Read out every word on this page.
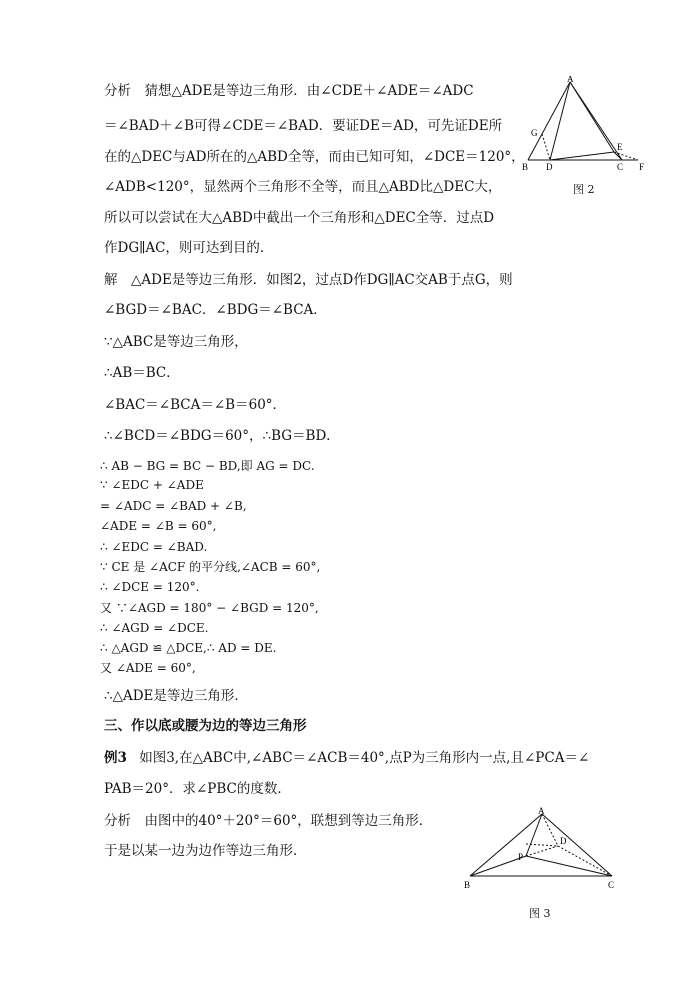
分析　猜想△ADE是等边三角形．由∠CDE＋∠ADE＝∠ADC
＝∠BAD＋∠B可得∠CDE＝∠BAD．要证DE＝AD，可先证DE所
在的△DEC与AD所在的△ABD全等，而由已知可知，∠DCE＝120°，
∠ADB<120°，显然两个三角形不全等，而且△ABD比△DEC大，
所以可以尝试在大△ABD中截出一个三角形和△DEC全等．过点D
作DG∥AC，则可达到目的．
A
B D	C F
E
G
图 2
解　△ADE是等边三角形．如图2，过点D作DG∥AC交AB于点G，则
∠BGD＝∠BAC．∠BDG＝∠BCA．
∵△ABC是等边三角形，
∴AB＝BC．
∠BAC＝∠BCA＝∠B＝60°．
∴∠BCD＝∠BDG＝60°，∴BG＝BD．
∴ AB − BG = BC − BD,即 AG = DC.
∵ ∠EDC + ∠ADE
= ∠ADC = ∠BAD + ∠B,
∠ADE = ∠B = 60°,
∴ ∠EDC = ∠BAD.
∵ CE 是 ∠ACF 的平分线,∠ACB = 60°,
∴ ∠DCE = 120°.
又 ∵∠AGD = 180° − ∠BGD = 120°,
∴ ∠AGD = ∠DCE.
∴ △AGD ≌ △DCE,∴ AD = DE.
又 ∠ADE = 60°,
∴△ADE是等边三角形．
三、作以底或腰为边的等边三角形
例3 如图3,在△ABC中,∠ABC＝∠ACB＝40°,点P为三角形内一点,且∠PCA＝∠
PAB＝20°．求∠PBC的度数．
分析　由图中的40°＋20°＝60°，联想到等边三角形．
于是以某一边为边作等边三角形．
A
B	C
P
D
图 3
